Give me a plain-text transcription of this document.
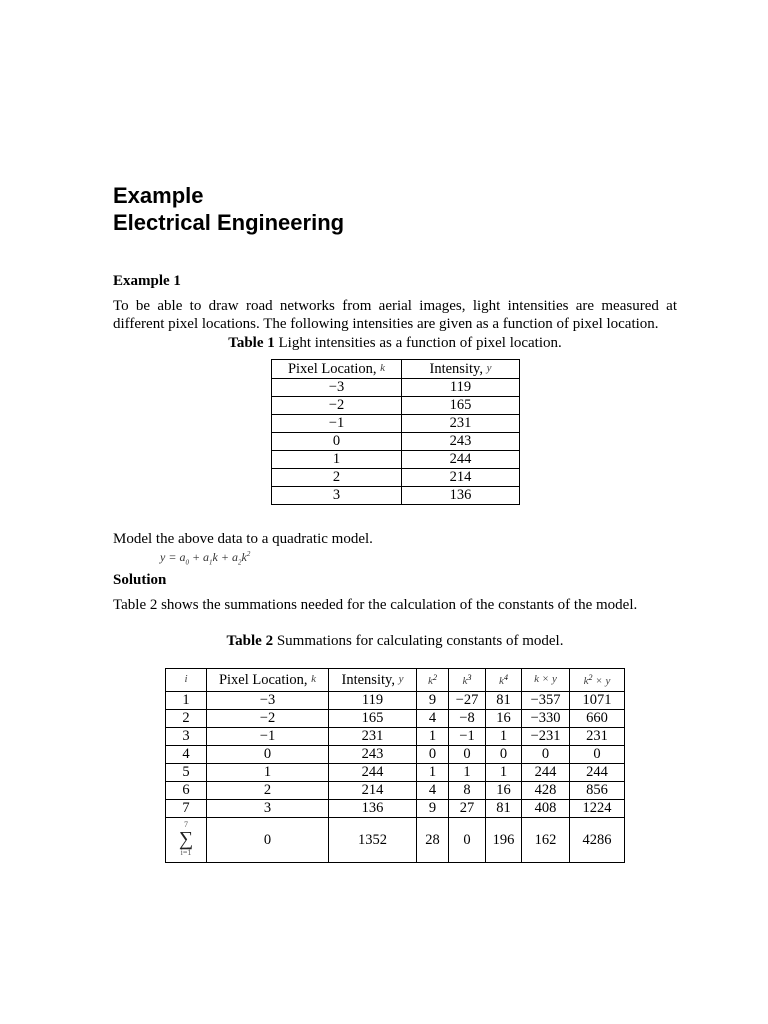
Example
Electrical Engineering
Example 1
To be able to draw road networks from aerial images, light intensities are measured at
different pixel locations. The following intensities are given as a function of pixel location.
Table 1 Light intensities as a function of pixel location.
Pixel Location, k	Intensity, y
−3	119
−2	165
−1	231
0	243
1	244
2	214
3	136
Model the above data to a quadratic model.
$y = a_0 + a_1k + a_2k^2$
Solution
Table 2 shows the summations needed for the calculation of the constants of the model.
Table 2 Summations for calculating constants of model.
i	Pixel Location, k	Intensity, y	$k^2$	$k^3$	$k^4$	k × y	$k^2 \times y$
1	−3	119	9	−27	81	−357	1071
2	−2	165	4	−8	16	−330	660
3	−1	231	1	−1	1	−231	231
4	0	243	0	0	0	0	0
5	1	244	1	1	1	244	244
6	2	214	4	8	16	428	856
7	3	136	9	27	81	408	1224
7
∑
i=1	0	1352	28	0	196	162	4286
